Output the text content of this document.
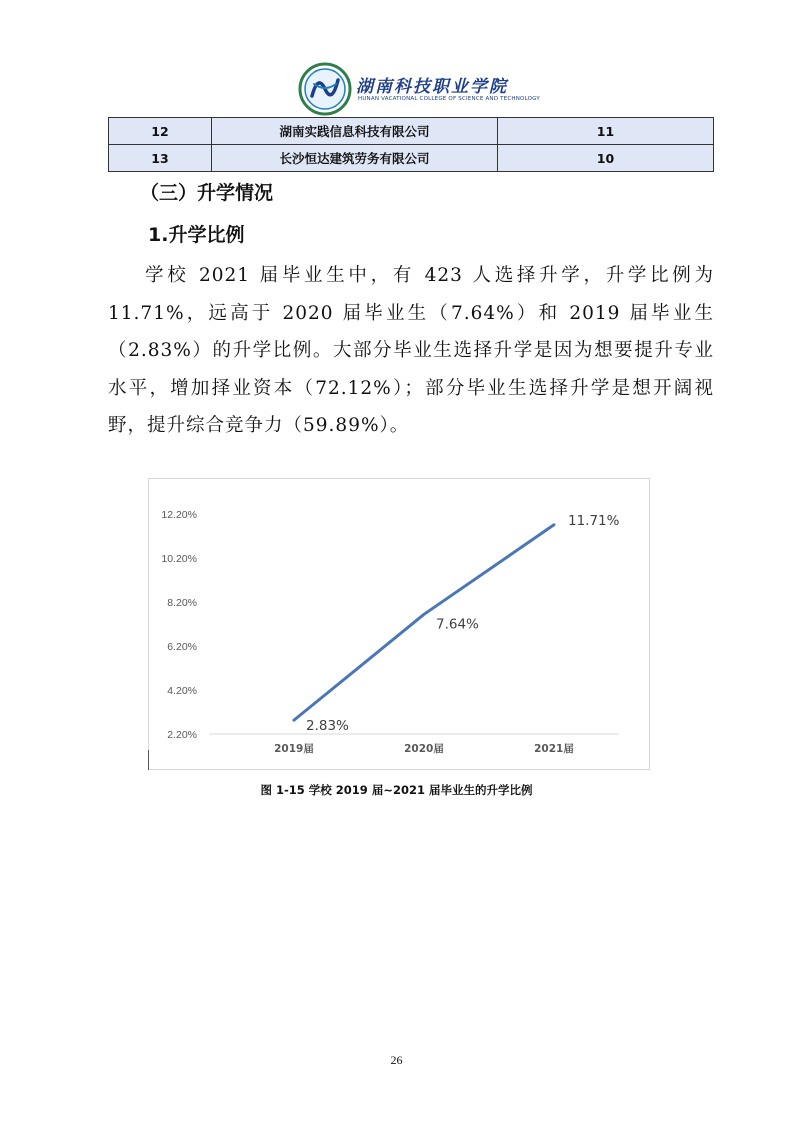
湖南科技职业学院
HUNAN VACATIONAL COLLEGE OF SCIENCE AND TECHNOLOGY
12	湖南实践信息科技有限公司	11
13	长沙恒达建筑劳务有限公司	10
（三）升学情况
1.升学比例
学校 2021 届毕业生中，有 423 人选择升学，升学比例为 11.71%，远高于 2020 届毕业生（7.64%）和 2019 届毕业生（2.83%）的升学比例。大部分毕业生选择升学是因为想要提升专业水平，增加择业资本（72.12%）；部分毕业生选择升学是想开阔视野，提升综合竞争力（59.89%）。
2.20%
4.20%
6.20%
8.20%
10.20%
12.20%
2019届	2020届	2021届
2.83%
7.64%
11.71%
图 1-15 学校 2019 届~2021 届毕业生的升学比例
26
